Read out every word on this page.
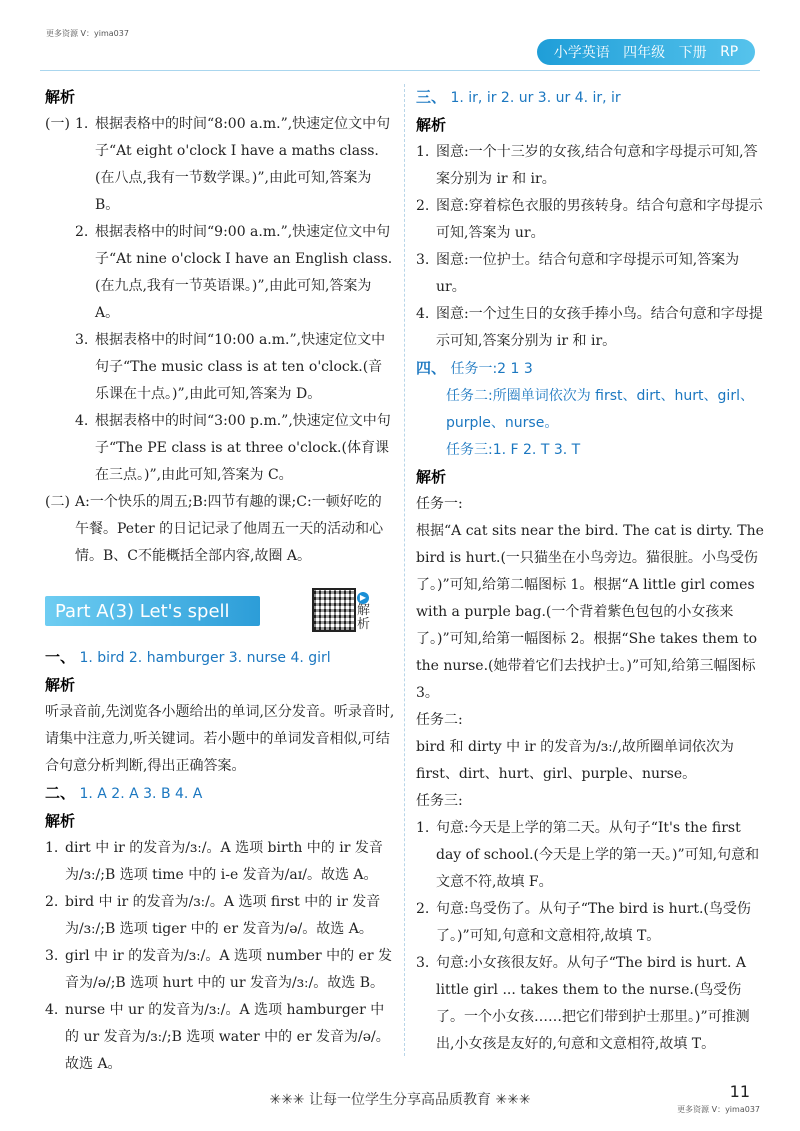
更多资源 V：yima037
小学英语 四年级 下册 RP
解析
(一) 1. 根据表格中的时间“8:00 a.m.”,快速定位文中句子“At eight o'clock I have a maths class.(在八点,我有一节数学课。)”,由此可知,答案为 B。
2. 根据表格中的时间“9:00 a.m.”,快速定位文中句子“At nine o'clock I have an English class.(在九点,我有一节英语课。)”,由此可知,答案为 A。
3. 根据表格中的时间“10:00 a.m.”,快速定位文中句子“The music class is at ten o'clock.(音乐课在十点。)”,由此可知,答案为 D。
4. 根据表格中的时间“3:00 p.m.”,快速定位文中句子“The PE class is at three o'clock.(体育课在三点。)”,由此可知,答案为 C。
(二) A:一个快乐的周五;B:四节有趣的课;C:一顿好吃的午餐。Peter 的日记记录了他周五一天的活动和心情。B、C不能概括全部内容,故圈 A。
Part A(3) Let's spell
▶
解
析
一、 1. bird 2. hamburger 3. nurse 4. girl
解析
听录音前,先浏览各小题给出的单词,区分发音。听录音时,请集中注意力,听关键词。若小题中的单词发音相似,可结合句意分析判断,得出正确答案。
二、 1. A 2. A 3. B 4. A
解析
1. dirt 中 ir 的发音为/ɜː/。A 选项 birth 中的 ir 发音为/ɜː/;B 选项 time 中的 i-e 发音为/aɪ/。故选 A。
2. bird 中 ir 的发音为/ɜː/。A 选项 first 中的 ir 发音为/ɜː/;B 选项 tiger 中的 er 发音为/ə/。故选 A。
3. girl 中 ir 的发音为/ɜː/。A 选项 number 中的 er 发音为/ə/;B 选项 hurt 中的 ur 发音为/ɜː/。故选 B。
4. nurse 中 ur 的发音为/ɜː/。A 选项 hamburger 中的 ur 发音为/ɜː/;B 选项 water 中的 er 发音为/ə/。故选 A。
三、 1. ir, ir 2. ur 3. ur 4. ir, ir
解析
1. 图意:一个十三岁的女孩,结合句意和字母提示可知,答案分别为 ir 和 ir。
2. 图意:穿着棕色衣服的男孩转身。结合句意和字母提示可知,答案为 ur。
3. 图意:一位护士。结合句意和字母提示可知,答案为 ur。
4. 图意:一个过生日的女孩手捧小鸟。结合句意和字母提示可知,答案分别为 ir 和 ir。
四、 任务一:2 1 3
任务二:所圈单词依次为 first、dirt、hurt、girl、purple、nurse。
任务三:1. F 2. T 3. T
解析
任务一:
根据“A cat sits near the bird. The cat is dirty. The bird is hurt.(一只猫坐在小鸟旁边。猫很脏。小鸟受伤了。)”可知,给第二幅图标 1。根据“A little girl comes with a purple bag.(一个背着紫色包包的小女孩来了。)”可知,给第一幅图标 2。根据“She takes them to the nurse.(她带着它们去找护士。)”可知,给第三幅图标 3。
任务二:
bird 和 dirty 中 ir 的发音为/ɜː/,故所圈单词依次为 first、dirt、hurt、girl、purple、nurse。
任务三:
1. 句意:今天是上学的第二天。从句子“It's the first day of school.(今天是上学的第一天。)”可知,句意和文意不符,故填 F。
2. 句意:鸟受伤了。从句子“The bird is hurt.(鸟受伤了。)”可知,句意和文意相符,故填 T。
3. 句意:小女孩很友好。从句子“The bird is hurt. A little girl ... takes them to the nurse.(鸟受伤了。一个小女孩……把它们带到护士那里。)”可推测出,小女孩是友好的,句意和文意相符,故填 T。
✳✳✳ 让每一位学生分享高品质教育 ✳✳✳	11
更多资源 V：yima037
